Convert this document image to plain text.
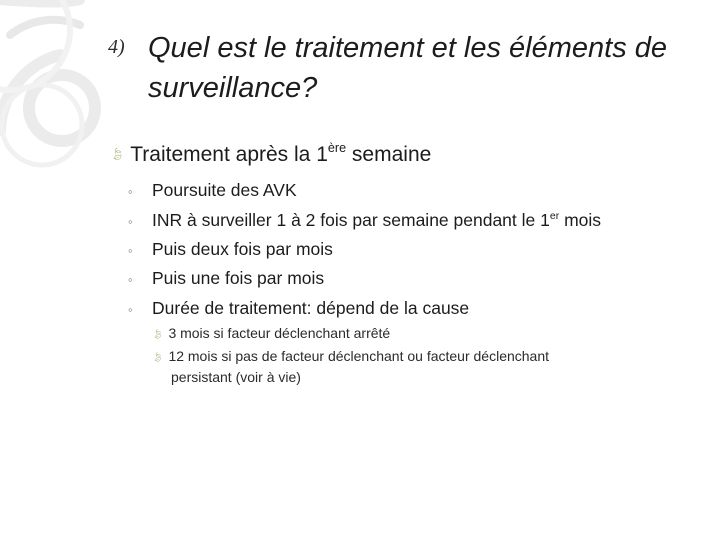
4) Quel est le traitement et les éléments de surveillance?
🍃︎ Traitement après la 1ère semaine
◦ Poursuite des AVK
◦ INR à surveiller 1 à 2 fois par semaine pendant le 1er mois
◦ Puis deux fois par mois
◦ Puis une fois par mois
◦ Durée de traitement: dépend de la cause
🍃︎ 3 mois si facteur déclenchant arrêté
🍃︎ 12 mois si pas de facteur déclenchant ou facteur déclenchant
persistant (voir à vie)
